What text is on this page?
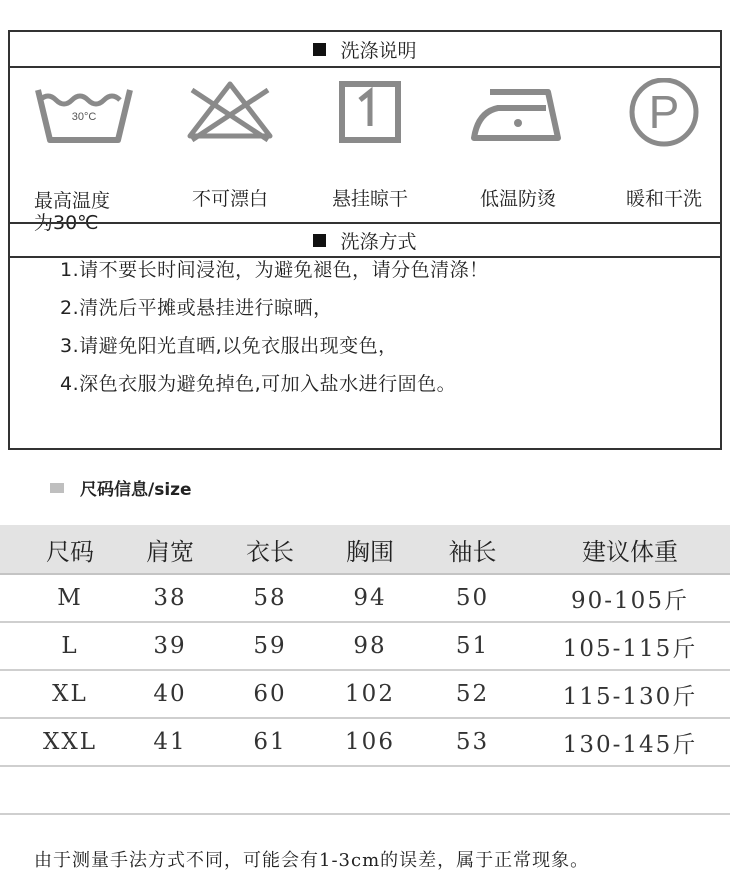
洗涤说明
30°C
最高温度
为30℃
不可漂白	悬挂晾干	低温防烫
P
暖和干洗
洗涤方式
1.请不要长时间浸泡，为避免褪色，请分色清涤！
2.清洗后平摊或悬挂进行晾晒，
3.请避免阳光直晒,以免衣服出现变色，
4.深色衣服为避免掉色,可加入盐水进行固色。
尺码信息/size
尺码	肩宽	衣长	胸围	袖长	建议体重
M	38	58	94	50	90-105斤
L	39	59	98	51	105-115斤
XL	40	60	102	52	115-130斤
XXL	41	61	106	53	130-145斤
由于测量手法方式不同，可能会有1-3cm的误差，属于正常现象。
